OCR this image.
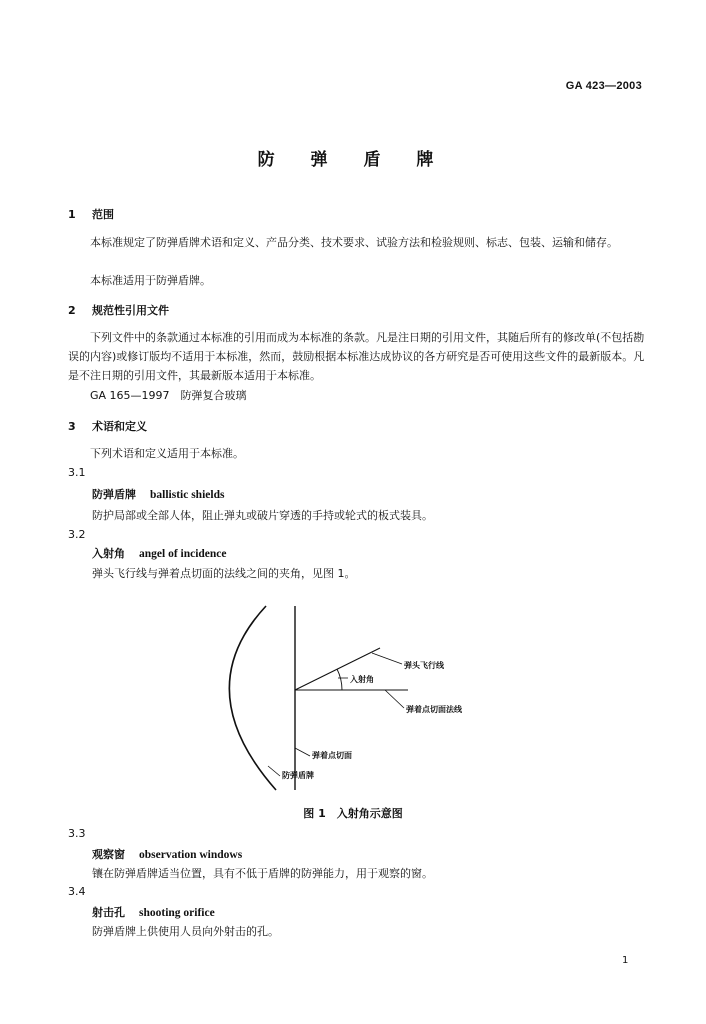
GA 423—2003
防 弹 盾 牌
1 范围
本标准规定了防弹盾牌术语和定义、产品分类、技术要求、试验方法和检验规则、标志、包装、运输和储存。
本标准适用于防弹盾牌。
2 规范性引用文件
下列文件中的条款通过本标准的引用而成为本标准的条款。凡是注日期的引用文件，其随后所有的修改单(不包括勘误的内容)或修订版均不适用于本标准，然而，鼓励根据本标准达成协议的各方研究是否可使用这些文件的最新版本。凡是不注日期的引用文件，其最新版本适用于本标准。
GA 165—1997　防弹复合玻璃
3 术语和定义
下列术语和定义适用于本标准。
3.1
防弹盾牌 ballistic shields
防护局部或全部人体，阻止弹丸或破片穿透的手持或轮式的板式装具。
3.2
入射角 angel of incidence
弹头飞行线与弹着点切面的法线之间的夹角，见图 1。
弹头飞行线
入射角
弹着点切面法线
弹着点切面
防弹盾牌
图 1　入射角示意图
3.3
观察窗 observation windows
镶在防弹盾牌适当位置，具有不低于盾牌的防弹能力，用于观察的窗。
3.4
射击孔 shooting orifice
防弹盾牌上供使用人员向外射击的孔。
1
